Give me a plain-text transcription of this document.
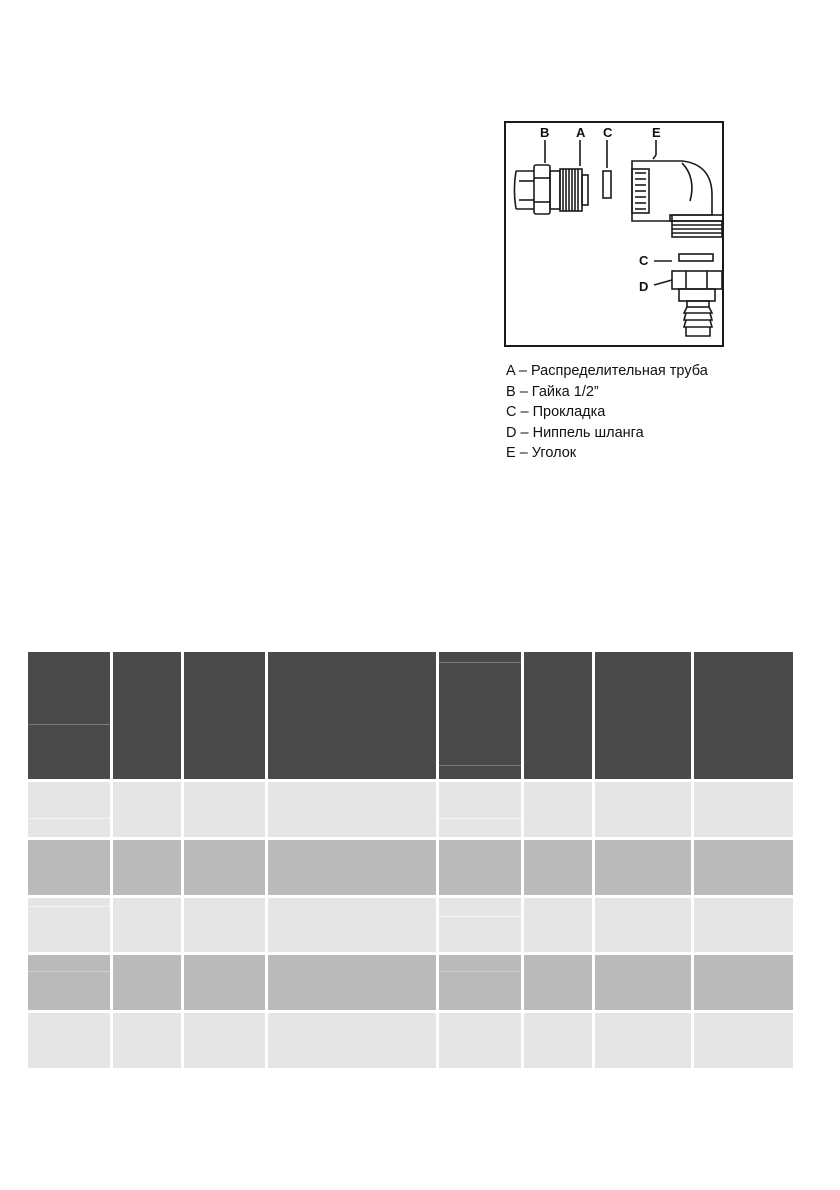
B A C	E
C
D
A – Распределительная труба
B – Гайка 1/2”
C – Прокладка
D – Ниппель шланга
E – Уголок
